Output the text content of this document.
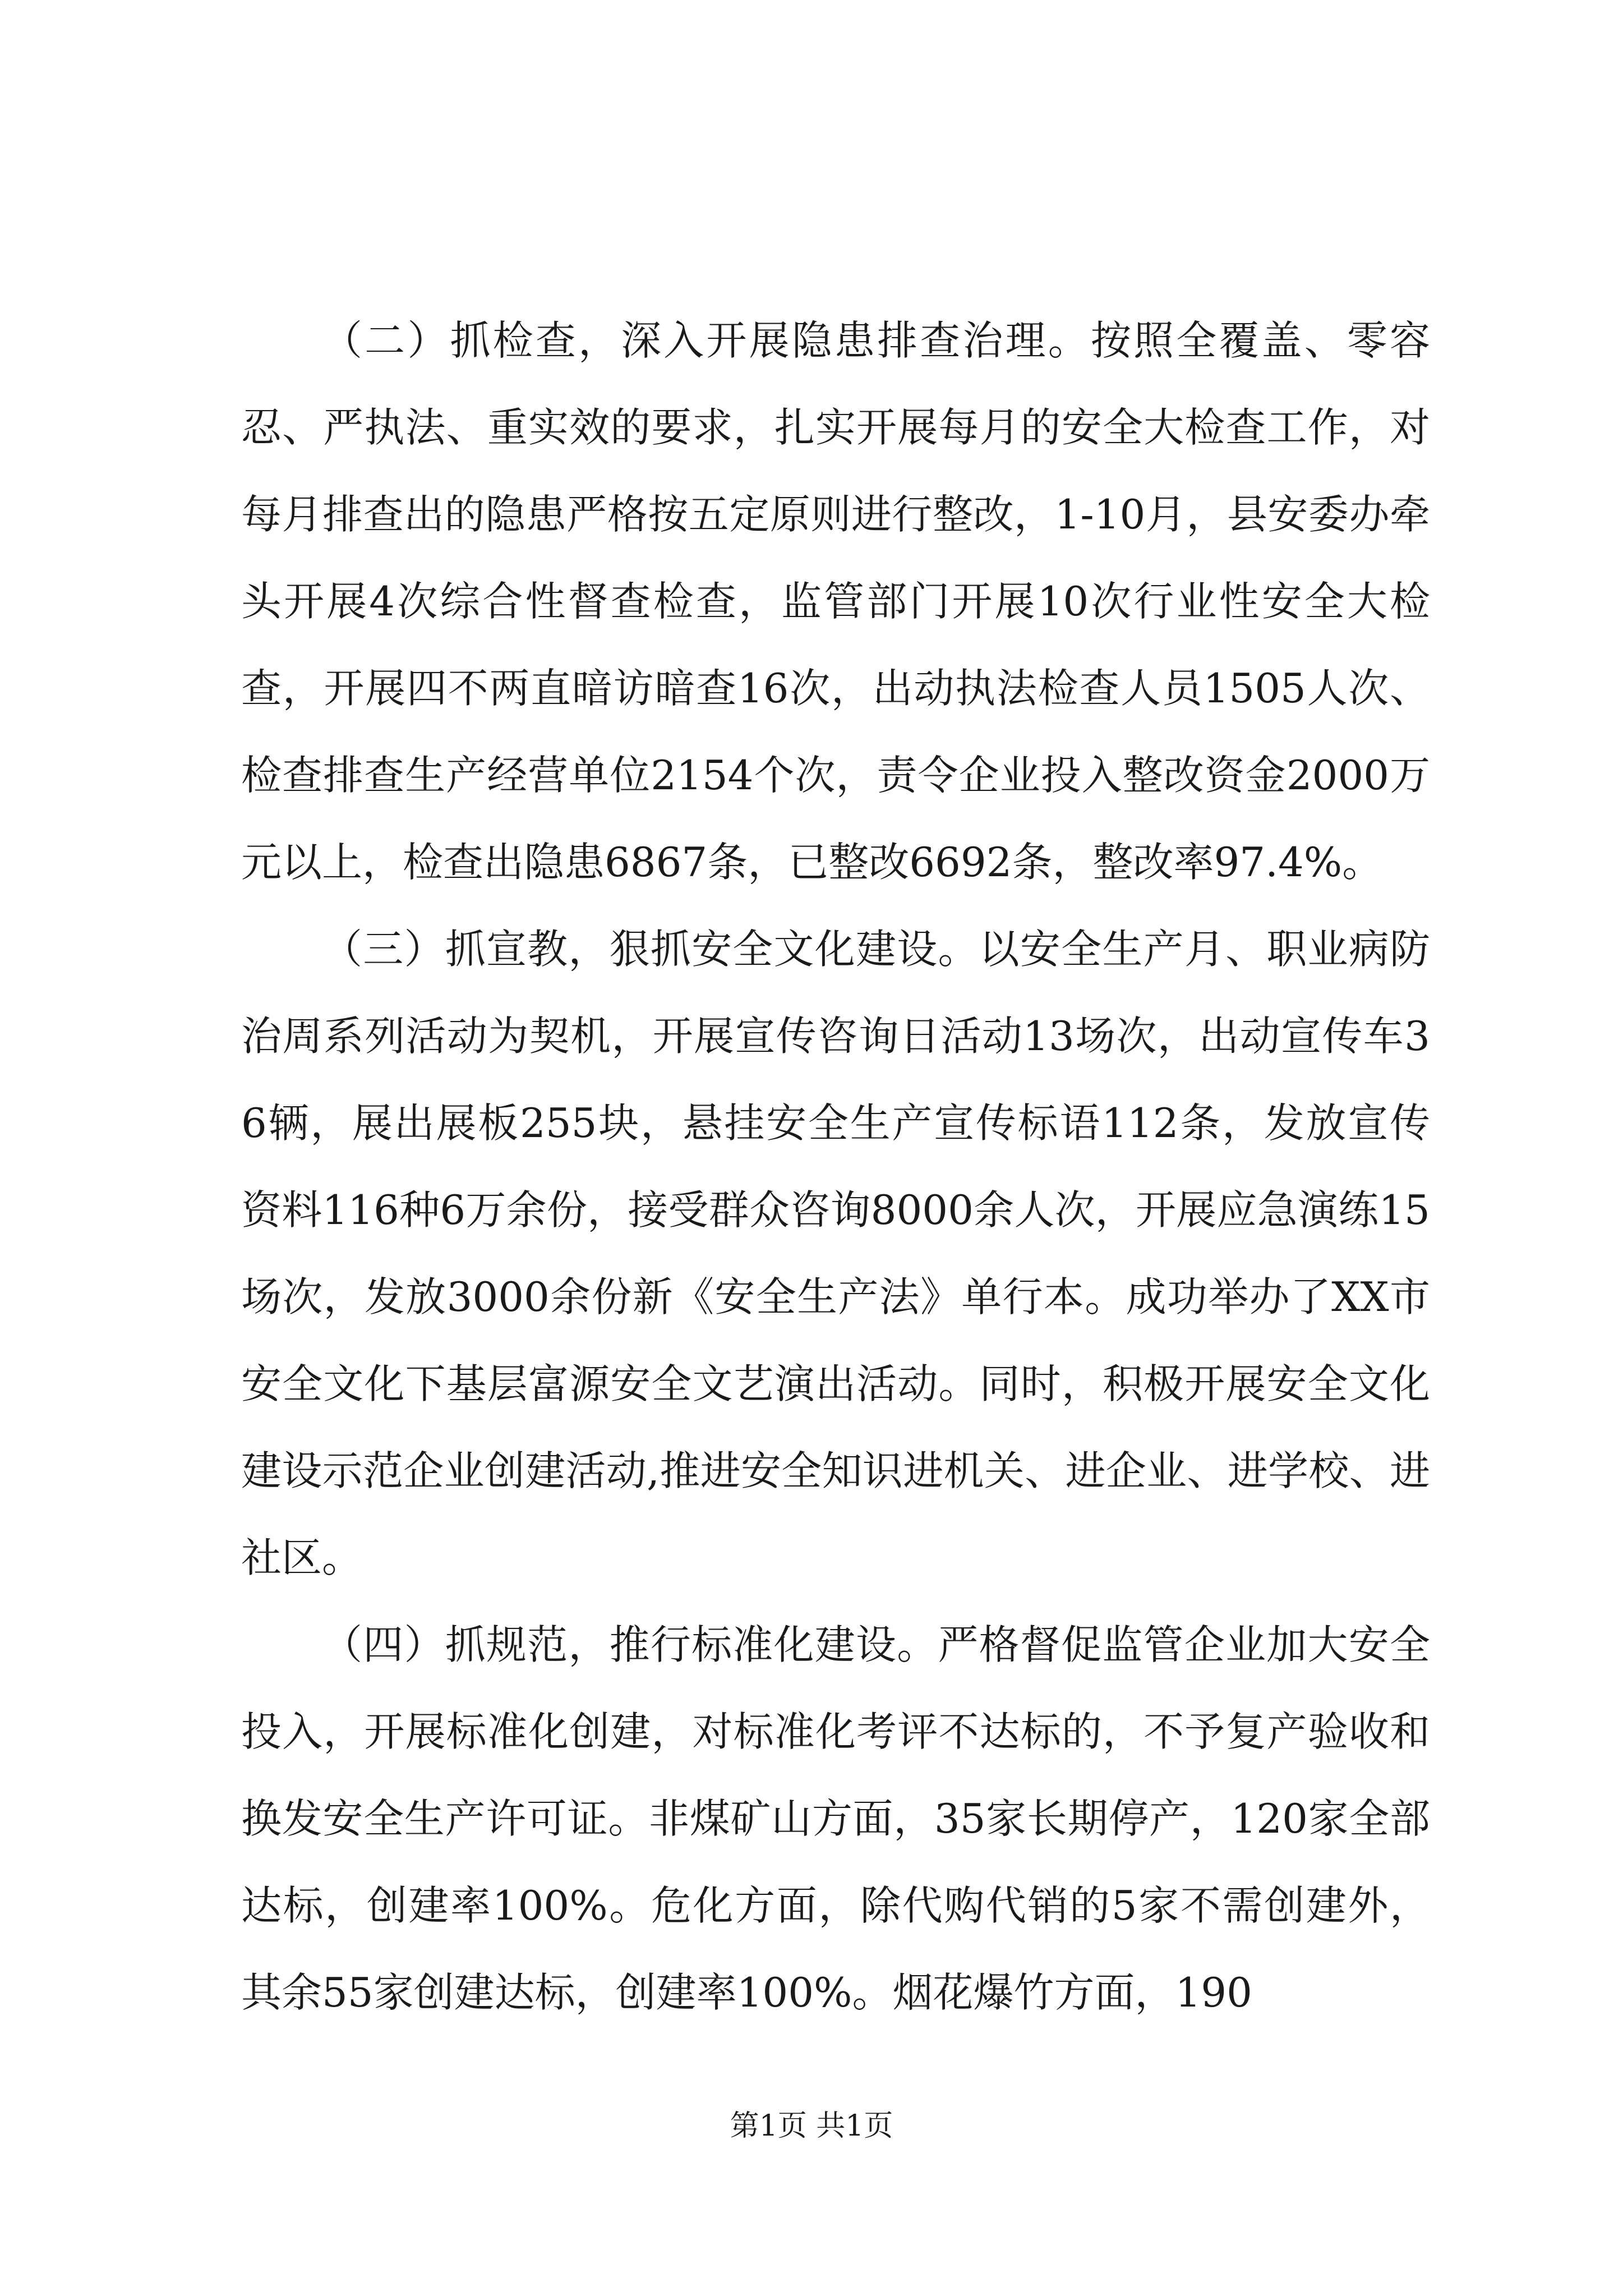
（二）抓检查，深入开展隐患排查治理。按照全覆盖、零容忍、严执法、重实效的要求，扎实开展每月的安全大检查工作，对每月排查出的隐患严格按五定原则进行整改，1-10月，县安委办牵头开展4次综合性督查检查，监管部门开展10次行业性安全大检查，开展四不两直暗访暗查16次，出动执法检查人员1505人次、检查排查生产经营单位2154个次，责令企业投入整改资金2000万元以上，检查出隐患6867条，已整改6692条，整改率97.4%。

（三）抓宣教，狠抓安全文化建设。以安全生产月、职业病防治周系列活动为契机，开展宣传咨询日活动13场次，出动宣传车36辆，展出展板255块，悬挂安全生产宣传标语112条，发放宣传资料116种6万余份，接受群众咨询8000余人次，开展应急演练15场次，发放3000余份新《安全生产法》单行本。成功举办了XX市安全文化下基层富源安全文艺演出活动。同时，积极开展安全文化建设示范企业创建活动,推进安全知识进机关、进企业、进学校、进社区。

（四）抓规范，推行标准化建设。严格督促监管企业加大安全投入，开展标准化创建，对标准化考评不达标的，不予复产验收和换发安全生产许可证。非煤矿山方面，35家长期停产，120家全部达标，创建率100%。危化方面，除代购代销的5家不需创建外，其余55家创建达标，创建率100%。烟花爆竹方面，190

第1页 共1页
